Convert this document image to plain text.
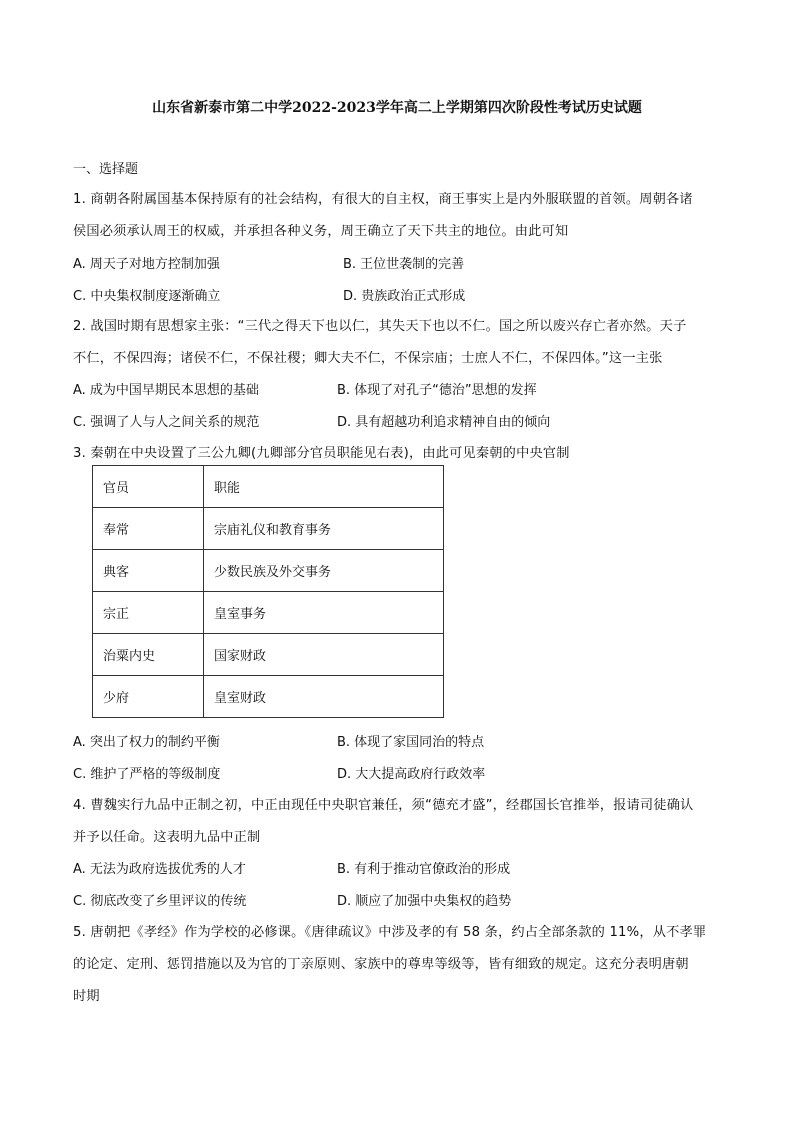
山东省新泰市第二中学2022-2023学年高二上学期第四次阶段性考试历史试题
一、选择题
1. 商朝各附属国基本保持原有的社会结构，有很大的自主权，商王事实上是内外服联盟的首领。周朝各诸
侯国必须承认周王的权威，并承担各种义务，周王确立了天下共主的地位。由此可知
A. 周天子对地方控制加强	B. 王位世袭制的完善
C. 中央集权制度逐渐确立	D. 贵族政治正式形成
2. 战国时期有思想家主张：“三代之得天下也以仁，其失天下也以不仁。国之所以废兴存亡者亦然。天子
不仁，不保四海；诸侯不仁，不保社稷；卿大夫不仁，不保宗庙；士庶人不仁，不保四体。”这一主张
A. 成为中国早期民本思想的基础	B. 体现了对孔子“德治”思想的发挥
C. 强调了人与人之间关系的规范	D. 具有超越功利追求精神自由的倾向
3. 秦朝在中央设置了三公九卿(九卿部分官员职能见右表)，由此可见秦朝的中央官制
官员	职能
奉常	宗庙礼仪和教育事务
典客	少数民族及外交事务
宗正	皇室事务
治粟内史	国家财政
少府	皇室财政
A. 突出了权力的制约平衡	B. 体现了家国同治的特点
C. 维护了严格的等级制度	D. 大大提高政府行政效率
4. 曹魏实行九品中正制之初，中正由现任中央职官兼任，须“德充才盛”，经郡国长官推举，报请司徒确认
并予以任命。这表明九品中正制
A. 无法为政府选拔优秀的人才	B. 有利于推动官僚政治的形成
C. 彻底改变了乡里评议的传统	D. 顺应了加强中央集权的趋势
5. 唐朝把《孝经》作为学校的必修课。《唐律疏议》中涉及孝的有 58 条，约占全部条款的 11%，从不孝罪
的论定、定刑、惩罚措施以及为官的丁亲原则、家族中的尊卑等级等，皆有细致的规定。这充分表明唐朝
时期
